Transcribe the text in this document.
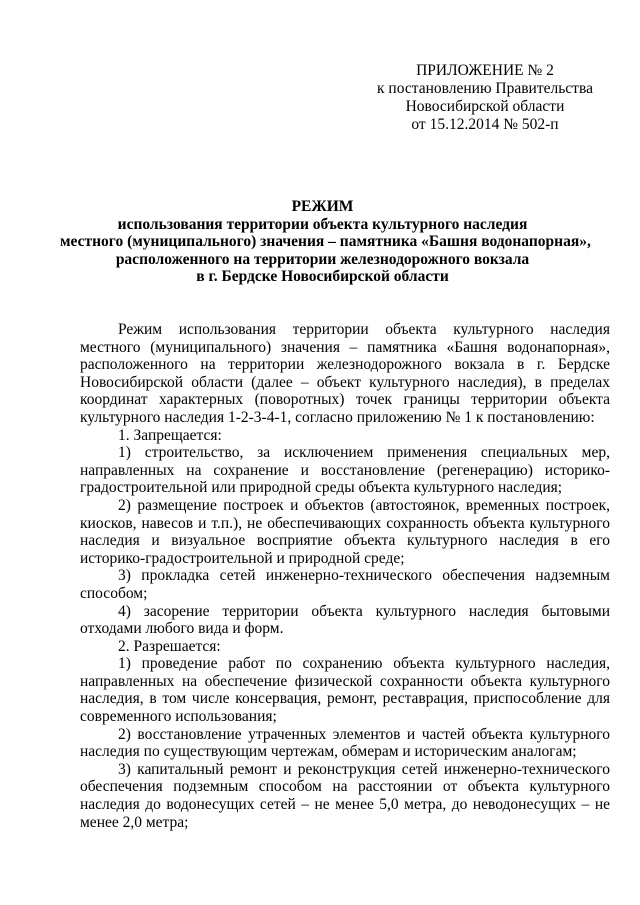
ПРИЛОЖЕНИЕ № 2
к постановлению Правительства
Новосибирской области
от 15.12.2014 № 502-п
РЕЖИМ
использования территории объекта культурного наследия
местного (муниципального) значения – памятника «Башня водонапорная»,
расположенного на территории железнодорожного вокзала
в г. Бердске Новосибирской области

Режим использования территории объекта культурного наследия местного (муниципального) значения – памятника «Башня водонапорная», расположенного на территории железнодорожного вокзала в г. Бердске Новосибирской области (далее – объект культурного наследия), в пределах координат характерных (поворотных) точек границы территории объекта культурного наследия 1-2-3-4-1, согласно приложению № 1 к постановлению:

1. Запрещается:

1) строительство, за исключением применения специальных мер, направленных на сохранение и восстановление (регенерацию) историко-градостроительной или природной среды объекта культурного наследия;

2) размещение построек и объектов (автостоянок, временных построек, киосков, навесов и т.п.), не обеспечивающих сохранность объекта культурного наследия и визуальное восприятие объекта культурного наследия в его историко-градостроительной и природной среде;

3) прокладка сетей инженерно-технического обеспечения надземным способом;

4) засорение территории объекта культурного наследия бытовыми отходами любого вида и форм.

2. Разрешается:

1) проведение работ по сохранению объекта культурного наследия, направленных на обеспечение физической сохранности объекта культурного наследия, в том числе консервация, ремонт, реставрация, приспособление для современного использования;

2) восстановление утраченных элементов и частей объекта культурного наследия по существующим чертежам, обмерам и историческим аналогам;

3) капитальный ремонт и реконструкция сетей инженерно-технического обеспечения подземным способом на расстоянии от объекта культурного наследия до водонесущих сетей – не менее 5,0 метра, до неводонесущих – не менее 2,0 метра;
